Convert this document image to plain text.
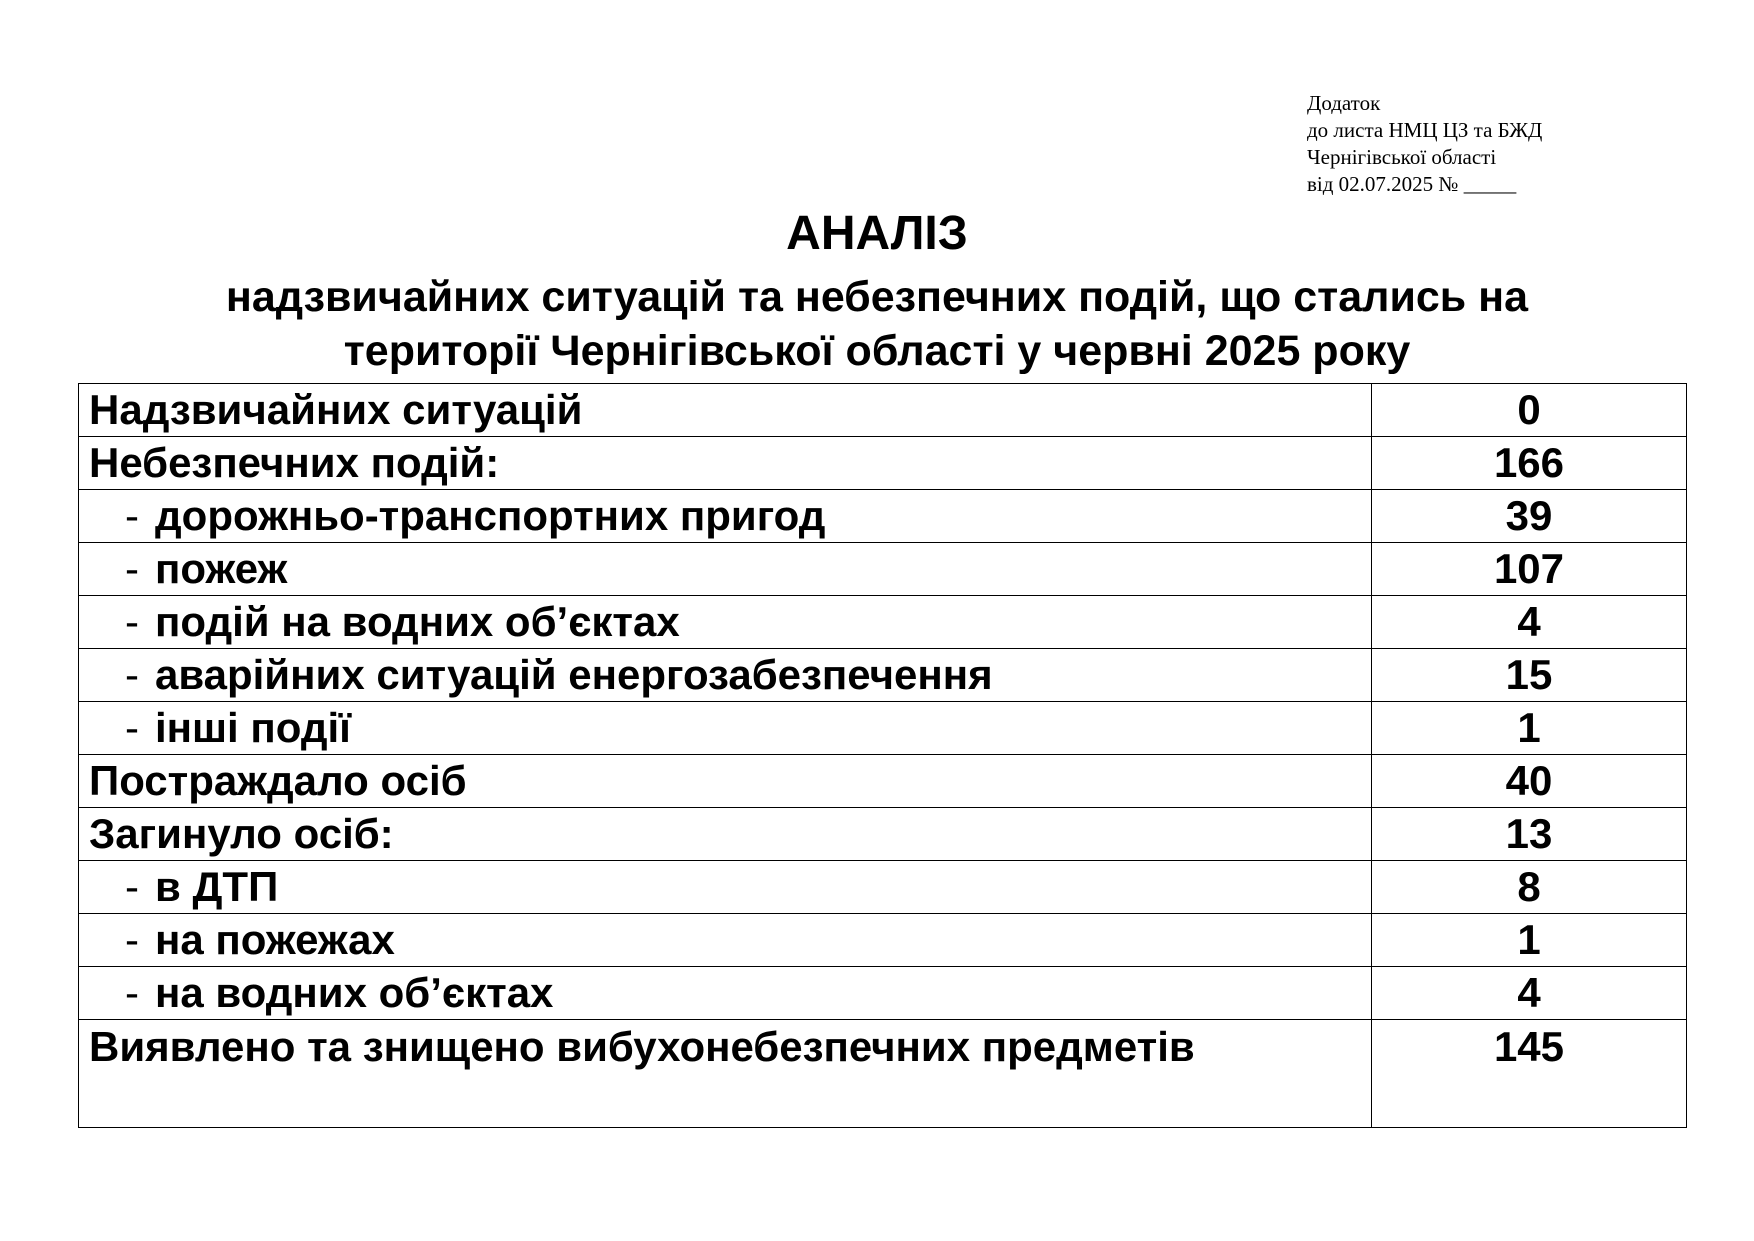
Додаток
до листа НМЦ ЦЗ та БЖД
Чернігівської області
від 02.07.2025 № _____
АНАЛІЗ
надзвичайних ситуацій та небезпечних подій, що сталиcь на
території Чернігівської області у червні 2025 року
Надзвичайних ситуацій	0
Небезпечних подій:	166
- дорожньо-транспортних пригод	39
- пожеж	107
- подій на водних об’єктах	4
- аварійних ситуацій енергозабезпечення	15
- інші події	1
Постраждало осіб	40
Загинуло осіб:	13
- в ДТП	8
- на пожежах	1
- на водних об’єктах	4
Виявлено та знищено вибухонебезпечних предметів	145
